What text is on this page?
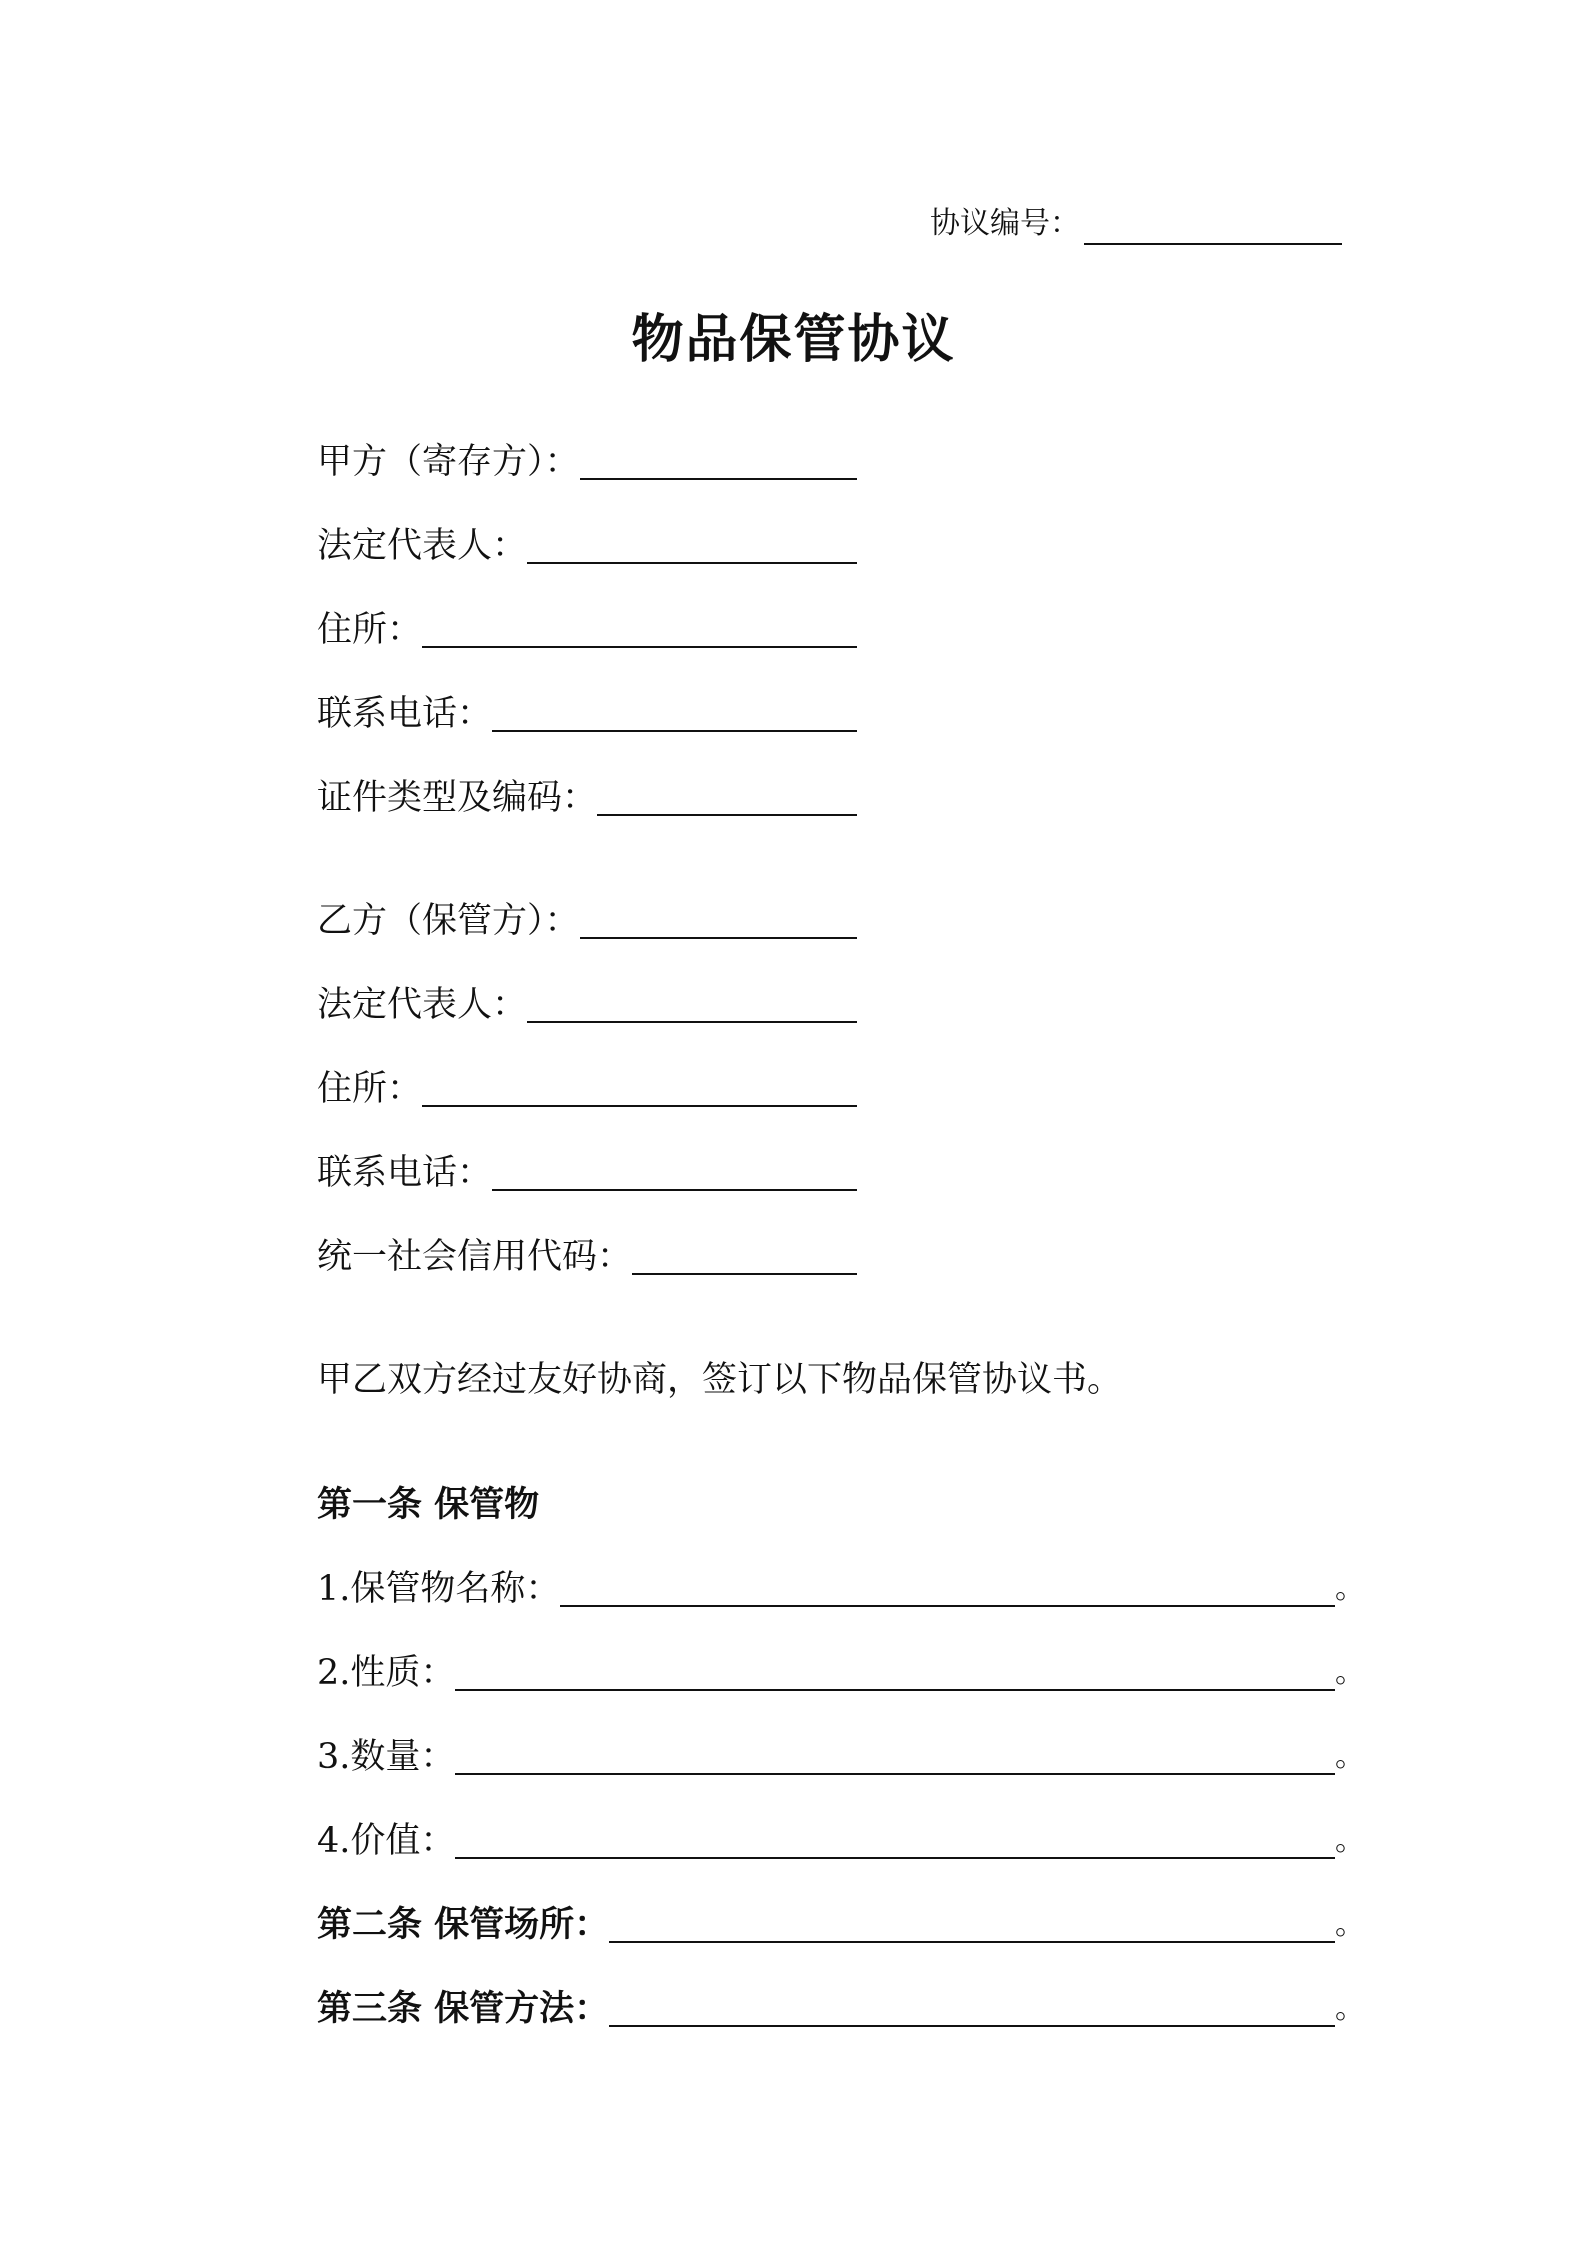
协议编号：
物品保管协议
甲方（寄存方）：
法定代表人：
住所：
联系电话：
证件类型及编码：
乙方（保管方）：
法定代表人：
住所：
联系电话：
统一社会信用代码：
甲乙双方经过友好协商，签订以下物品保管协议书。
第一条 保管物
1.保管物名称：	。
2.性质：	。
3.数量：	。
4.价值：	。
第二条 保管场所：	。
第三条 保管方法：	。
